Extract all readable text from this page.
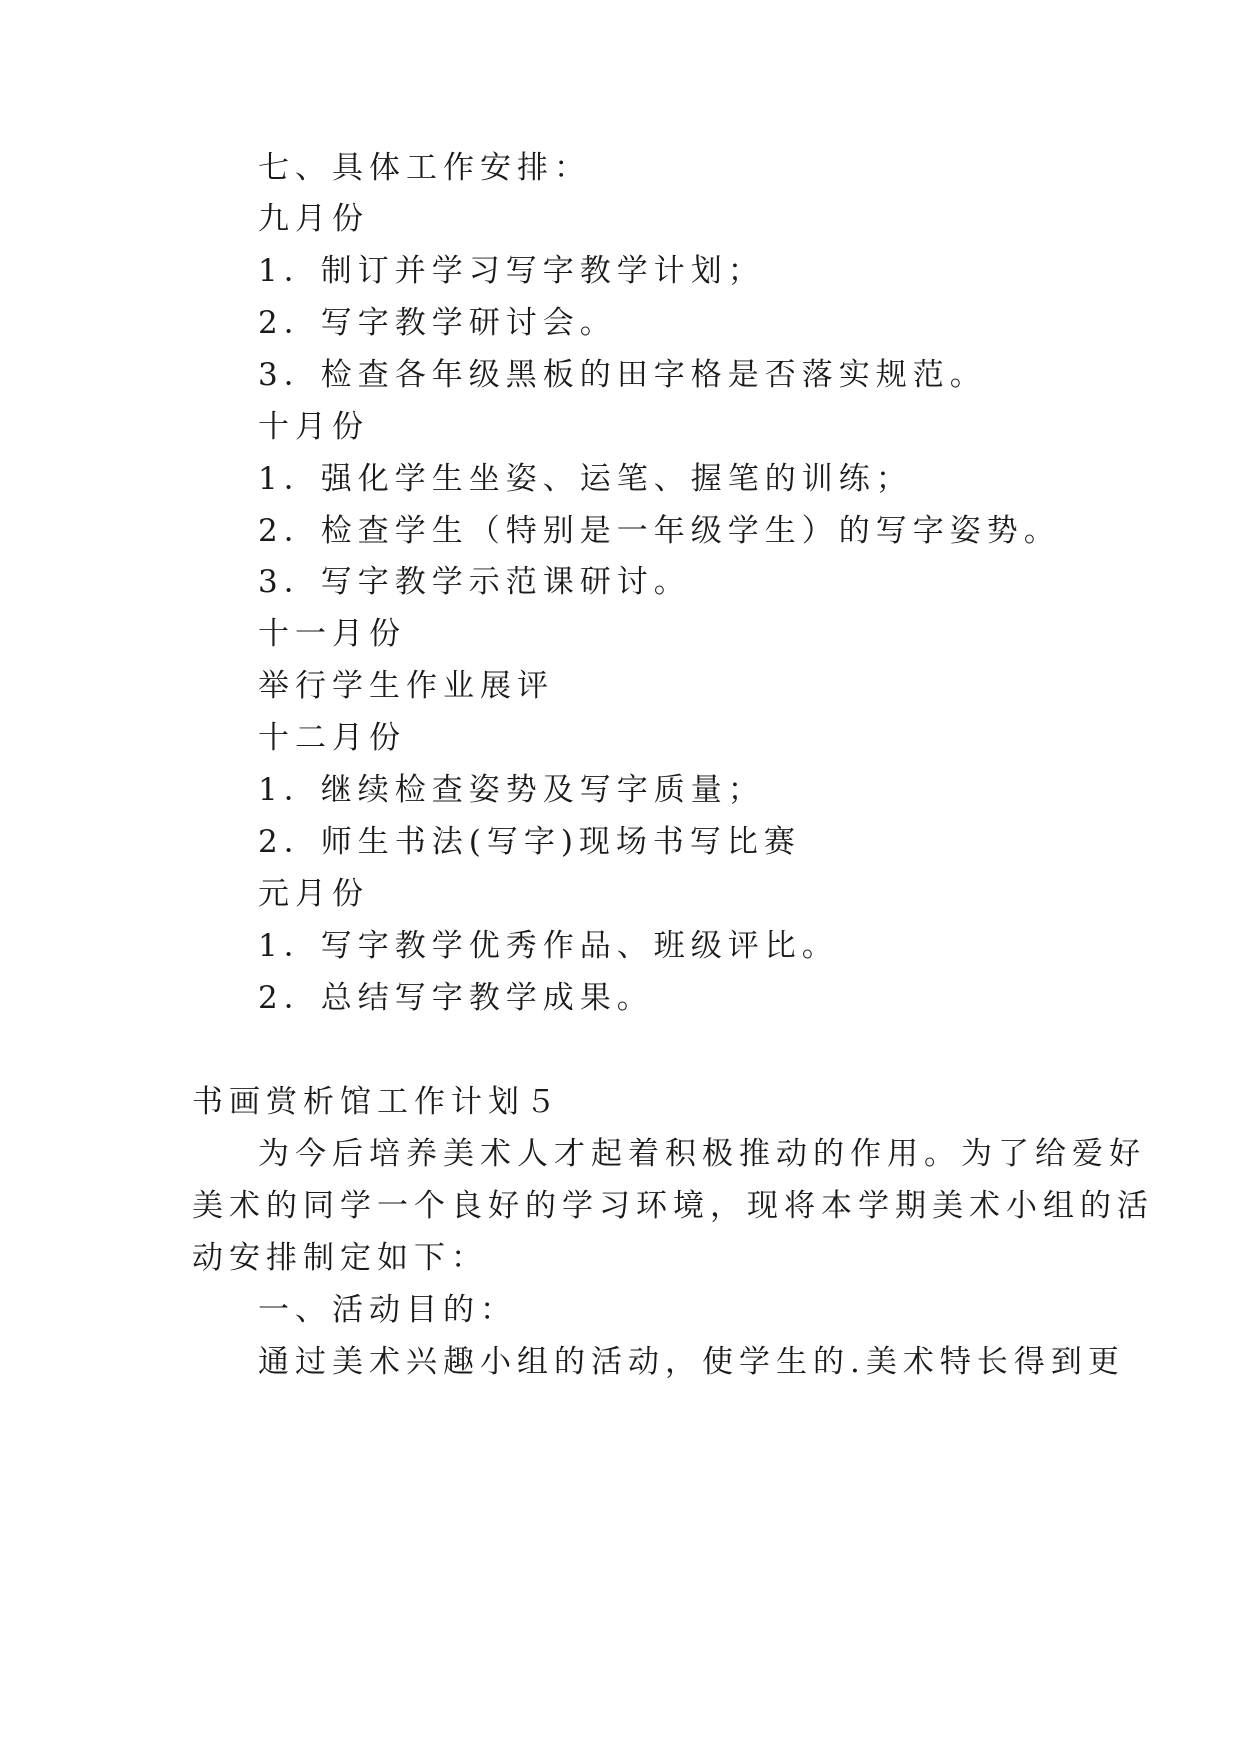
七、具体工作安排：

九月份

1．制订并学习写字教学计划；

2．写字教学研讨会。

3．检查各年级黑板的田字格是否落实规范。

十月份

1．强化学生坐姿、运笔、握笔的训练；

2．检查学生（特别是一年级学生）的写字姿势。

3．写字教学示范课研讨。

十一月份

举行学生作业展评

十二月份

1．继续检查姿势及写字质量；

2．师生书法(写字)现场书写比赛

元月份

1．写字教学优秀作品、班级评比。

2．总结写字教学成果。

书画赏析馆工作计划５

为今后培养美术人才起着积极推动的作用。为了给爱好

美术的同学一个良好的学习环境，现将本学期美术小组的活

动安排制定如下：

一、活动目的：

通过美术兴趣小组的活动，使学生的.美术特长得到更
